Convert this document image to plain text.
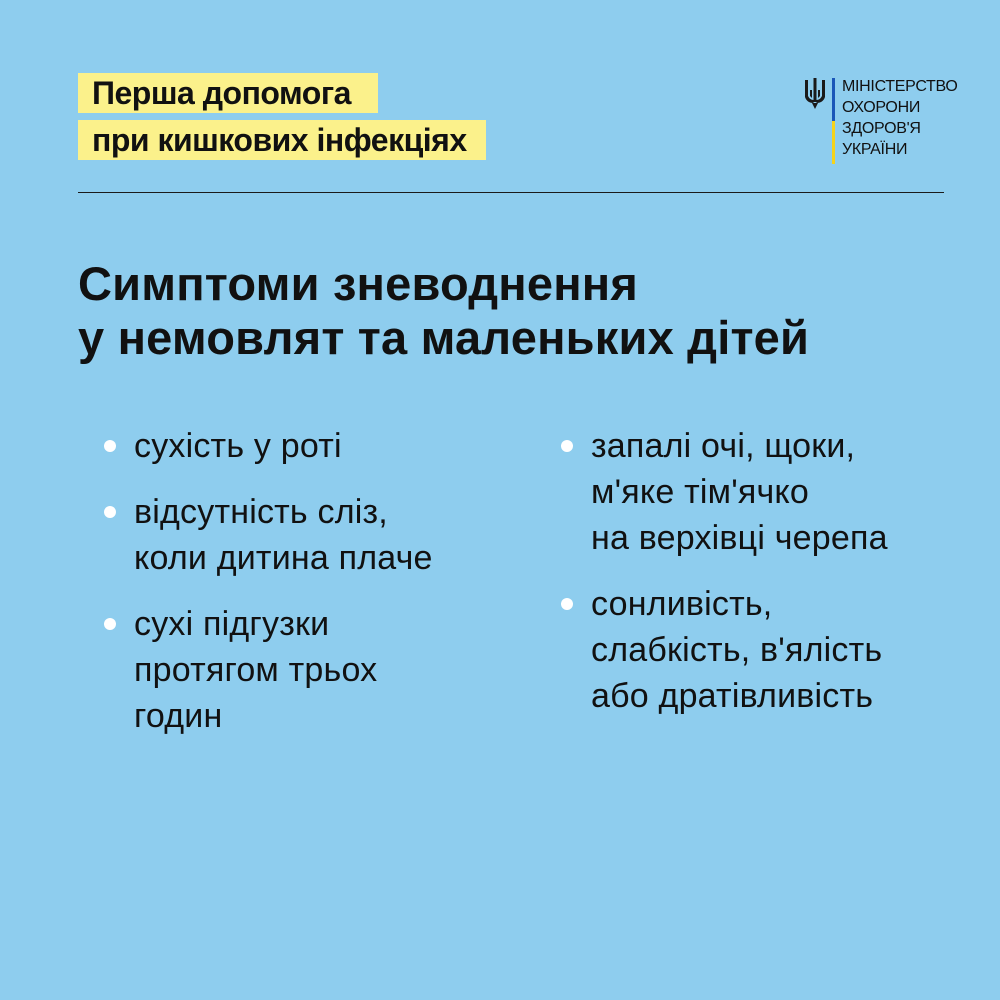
Перша допомога
при кишкових інфекціях
МІНІСТЕРСТВО
ОХОРОНИ
ЗДОРОВ'Я
УКРАЇНИ
Симптоми зневоднення
у немовлят та маленьких дітей
сухість у роті
відсутність сліз,
коли дитина плаче
сухі підгузки
протягом трьох
годин
запалі очі, щоки,
м'яке тім'ячко
на верхівці черепа
сонливість,
слабкість, в'ялість
або дратівливість
